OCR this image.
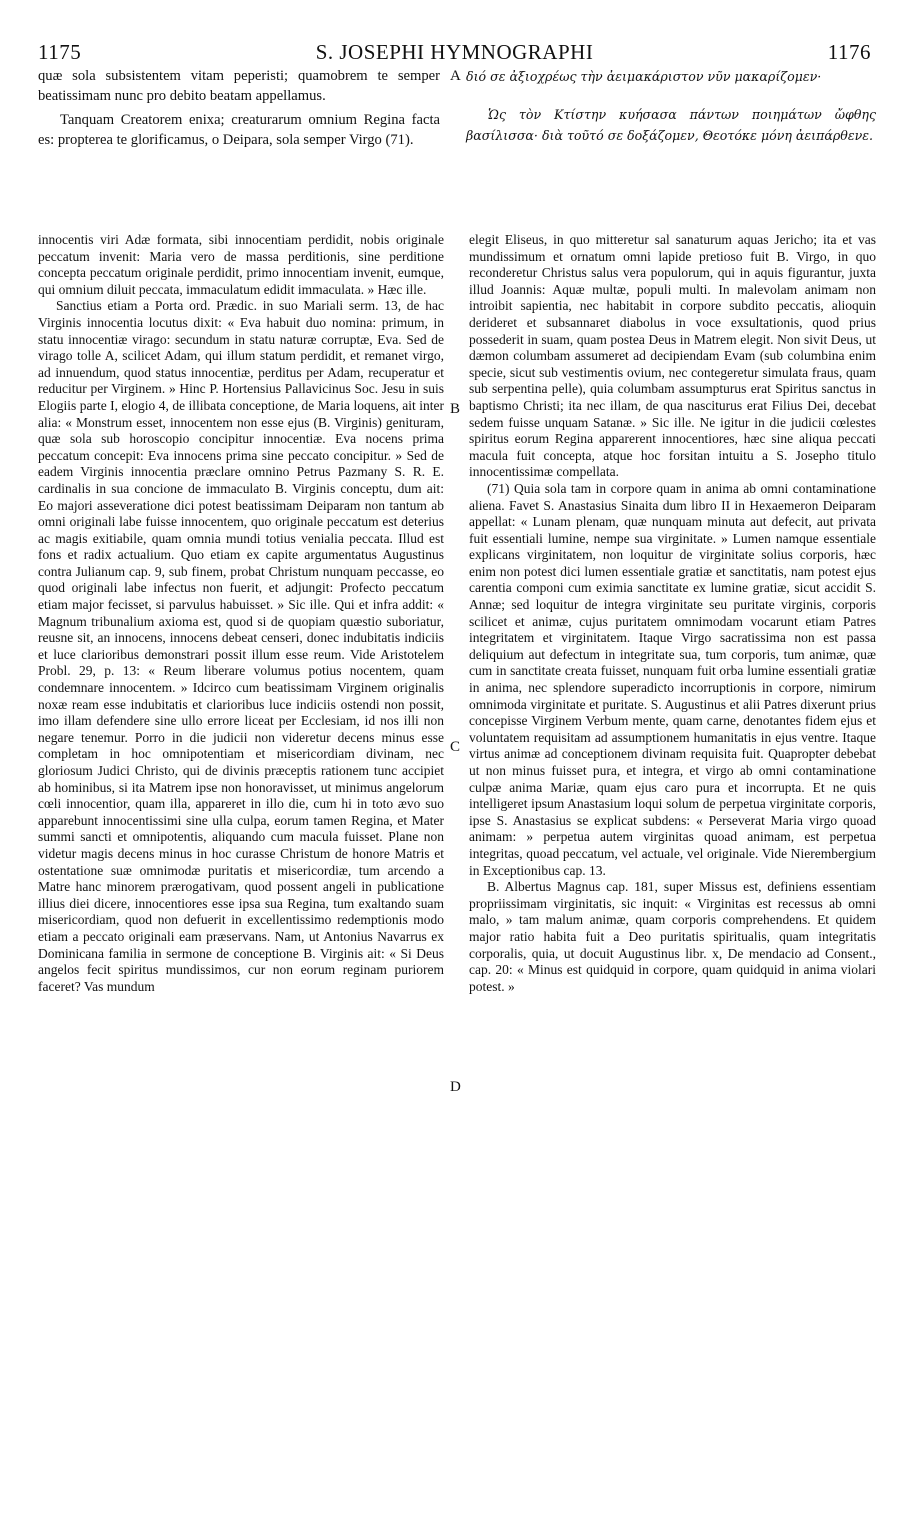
1175	S. JOSEPHI HYMNOGRAPHI	1176

quæ sola subsistentem vitam peperisti; quamobrem te semper beatissimam nunc pro debito beatam appellamus.

Tanquam Creatorem enixa; creaturarum omnium Regina facta es: propterea te glorificamus, o Deipara, sola semper Virgo (71).

διό σε ἀξιοχρέως τὴν ἀειμακάριστον νῦν μακαρίζομεν·

Ὡς τὸν Κτίστην κυήσασα πάντων ποιημάτων ὤφθης βασίλισσα· διὰ τοῦτό σε δοξάζομεν, Θεοτόκε μόνη ἀειπάρθενε.

A
B
C
D

innocentis viri Adæ formata, sibi innocentiam perdidit, nobis originale peccatum invenit: Maria vero de massa perditionis, sine perditione concepta peccatum originale perdidit, primo innocentiam invenit, eumque, qui omnium diluit peccata, immaculatum edidit immaculata. » Hæc ille.

Sanctius etiam a Porta ord. Prædic. in suo Mariali serm. 13, de hac Virginis innocentia locutus dixit: « Eva habuit duo nomina: primum, in statu innocentiæ virago: secundum in statu naturæ corruptæ, Eva. Sed de virago tolle A, scilicet Adam, qui illum statum perdidit, et remanet virgo, ad innuendum, quod status innocentiæ, perditus per Adam, recuperatur et reducitur per Virginem. » Hinc P. Hortensius Pallavicinus Soc. Jesu in suis Elogiis parte I, elogio 4, de illibata conceptione, de Maria loquens, ait inter alia: « Monstrum esset, innocentem non esse ejus (B. Virginis) genituram, quæ sola sub horoscopio concipitur innocentiæ. Eva nocens prima peccatum concepit: Eva innocens prima sine peccato concipitur. » Sed de eadem Virginis innocentia præclare omnino Petrus Pazmany S. R. E. cardinalis in sua concione de immaculato B. Virginis conceptu, dum ait: Eo majori asseveratione dici potest beatissimam Deiparam non tantum ab omni originali labe fuisse innocentem, quo originale peccatum est deterius ac magis exitiabile, quam omnia mundi totius venialia peccata. Illud est fons et radix actualium. Quo etiam ex capite argumentatus Augustinus contra Julianum cap. 9, sub finem, probat Christum nunquam peccasse, eo quod originali labe infectus non fuerit, et adjungit: Profecto peccatum etiam major fecisset, si parvulus habuisset. » Sic ille. Qui et infra addit: « Magnum tribunalium axioma est, quod si de quopiam quæstio suboriatur, reusne sit, an innocens, innocens debeat censeri, donec indubitatis indiciis et luce clarioribus demonstrari possit illum esse reum. Vide Aristotelem Probl. 29, p. 13: « Reum liberare volumus potius nocentem, quam condemnare innocentem. » Idcirco cum beatissimam Virginem originalis noxæ ream esse indubitatis et clarioribus luce indiciis ostendi non possit, imo illam defendere sine ullo errore liceat per Ecclesiam, id nos illi non negare tenemur. Porro in die judicii non videretur decens minus esse completam in hoc omnipotentiam et misericordiam divinam, nec gloriosum Judici Christo, qui de divinis præceptis rationem tunc accipiet ab hominibus, si ita Matrem ipse non honoravisset, ut minimus angelorum cœli innocentior, quam illa, appareret in illo die, cum hi in toto ævo suo apparebunt innocentissimi sine ulla culpa, eorum tamen Regina, et Mater summi sancti et omnipotentis, aliquando cum macula fuisset. Plane non videtur magis decens minus in hoc curasse Christum de honore Matris et ostentatione suæ omnimodæ puritatis et misericordiæ, tum arcendo a Matre hanc minorem prærogativam, quod possent angeli in publicatione illius diei dicere, innocentiores esse ipsa sua Regina, tum exaltando suam misericordiam, quod non defuerit in excellentissimo redemptionis modo etiam a peccato originali eam præservans. Nam, ut Antonius Navarrus ex Dominicana familia in sermone de conceptione B. Virginis ait: « Si Deus angelos fecit spiritus mundissimos, cur non eorum reginam puriorem faceret? Vas mundum

elegit Eliseus, in quo mitteretur sal sanaturum aquas Jericho; ita et vas mundissimum et ornatum omni lapide pretioso fuit B. Virgo, in quo reconderetur Christus salus vera populorum, qui in aquis figurantur, juxta illud Joannis: Aquæ multæ, populi multi. In malevolam animam non introibit sapientia, nec habitabit in corpore subdito peccatis, alioquin derideret et subsannaret diabolus in voce exsultationis, quod prius possederit in suam, quam postea Deus in Matrem elegit. Non sivit Deus, ut dæmon columbam assumeret ad decipiendam Evam (sub columbina enim specie, sicut sub vestimentis ovium, nec contegeretur simulata fraus, quam sub serpentina pelle), quia columbam assumpturus erat Spiritus sanctus in baptismo Christi; ita nec illam, de qua nasciturus erat Filius Dei, decebat sedem fuisse unquam Satanæ. » Sic ille. Ne igitur in die judicii cœlestes spiritus eorum Regina apparerent innocentiores, hæc sine aliqua peccati macula fuit concepta, atque hoc forsitan intuitu a S. Josepho titulo innocentissimæ compellata.

(71) Quia sola tam in corpore quam in anima ab omni contaminatione aliena. Favet S. Anastasius Sinaita dum libro II in Hexaemeron Deiparam appellat: « Lunam plenam, quæ nunquam minuta aut defecit, aut privata fuit essentiali lumine, nempe sua virginitate. » Lumen namque essentiale explicans virginitatem, non loquitur de virginitate solius corporis, hæc enim non potest dici lumen essentiale gratiæ et sanctitatis, nam potest ejus carentia componi cum eximia sanctitate ex lumine gratiæ, sicut accidit S. Annæ; sed loquitur de integra virginitate seu puritate virginis, corporis scilicet et animæ, cujus puritatem omnimodam vocarunt etiam Patres integritatem et virginitatem. Itaque Virgo sacratissima non est passa deliquium aut defectum in integritate sua, tum corporis, tum animæ, quæ cum in sanctitate creata fuisset, nunquam fuit orba lumine essentiali gratiæ in anima, nec splendore superadicto incorruptionis in corpore, nimirum omnimoda virginitate et puritate. S. Augustinus et alii Patres dixerunt prius concepisse Virginem Verbum mente, quam carne, denotantes fidem ejus et voluntatem requisitam ad assumptionem humanitatis in ejus ventre. Itaque virtus animæ ad conceptionem divinam requisita fuit. Quapropter debebat ut non minus fuisset pura, et integra, et virgo ab omni contaminatione culpæ anima Mariæ, quam ejus caro pura et incorrupta. Et ne quis intelligeret ipsum Anastasium loqui solum de perpetua virginitate corporis, ipse S. Anastasius se explicat subdens: « Perseverat Maria virgo quoad animam: » perpetua autem virginitas quoad animam, est perpetua integritas, quoad peccatum, vel actuale, vel originale. Vide Nierembergium in Exceptionibus cap. 13.

B. Albertus Magnus cap. 181, super Missus est, definiens essentiam propriissimam virginitatis, sic inquit: « Virginitas est recessus ab omni malo, » tam malum animæ, quam corporis comprehendens. Et quidem major ratio habita fuit a Deo puritatis spiritualis, quam integritatis corporalis, quia, ut docuit Augustinus libr. x, De mendacio ad Consent., cap. 20: « Minus est quidquid in corpore, quam quidquid in anima violari potest. »
